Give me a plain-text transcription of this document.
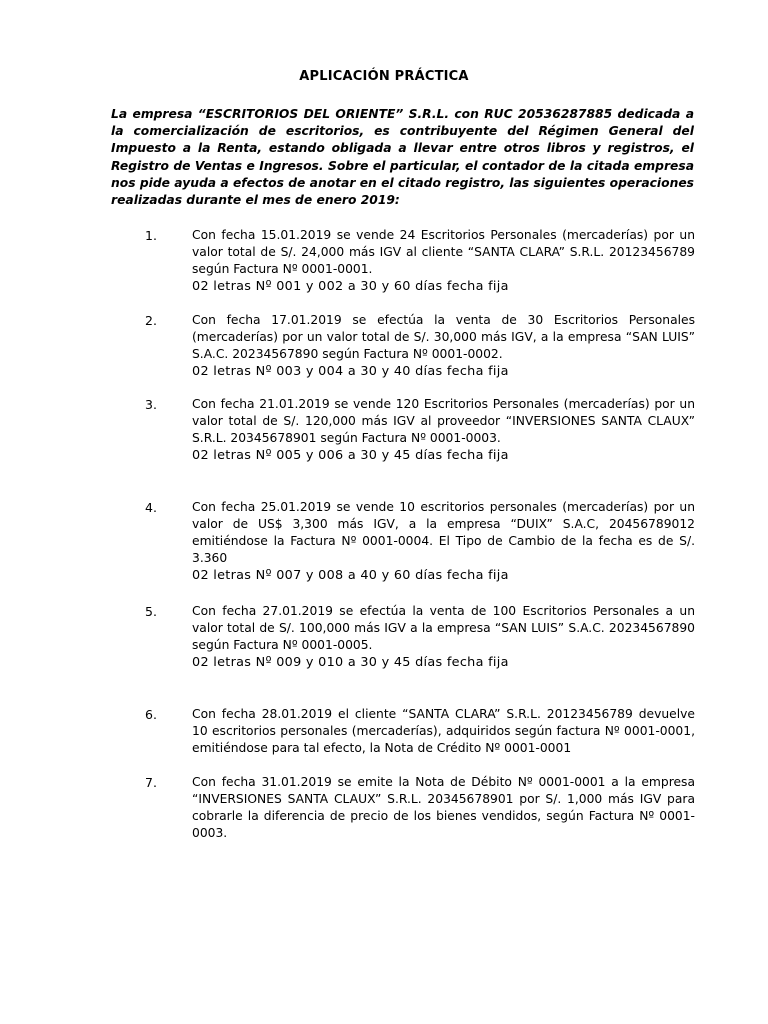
APLICACIÓN PRÁCTICA
La empresa “ESCRITORIOS DEL ORIENTE” S.R.L. con RUC 20536287885 dedicada a la comercialización de escritorios, es contribuyente del Régimen General del Impuesto a la Renta, estando obligada a llevar entre otros libros y registros, el Registro de Ventas e Ingresos. Sobre el particular, el contador de la citada empresa nos pide ayuda a efectos de anotar en el citado registro, las siguientes operaciones realizadas durante el mes de enero 2019:
1.	Con fecha 15.01.2019 se vende 24 Escritorios Personales (mercaderías) por un valor total de S/. 24,000 más IGV al cliente “SANTA CLARA” S.R.L. 20123456789 según Factura Nº 0001-0001.
02 letras Nº 001 y 002 a 30 y 60 días fecha fija
2.	Con fecha 17.01.2019 se efectúa la venta de 30 Escritorios Personales (mercaderías) por un valor total de S/. 30,000 más IGV, a la empresa “SAN LUIS” S.A.C. 20234567890 según Factura Nº 0001-0002.
02 letras Nº 003 y 004 a 30 y 40 días fecha fija
3.	Con fecha 21.01.2019 se vende 120 Escritorios Personales (mercaderías) por un valor total de S/. 120,000 más IGV al proveedor “INVERSIONES SANTA CLAUX” S.R.L. 20345678901 según Factura Nº 0001-0003.
02 letras Nº 005 y 006 a 30 y 45 días fecha fija
4.	Con fecha 25.01.2019 se vende 10 escritorios personales (mercaderías) por un valor de US$ 3,300 más IGV, a la empresa “DUIX” S.A.C, 20456789012 emitiéndose la Factura Nº 0001-0004. El Tipo de Cambio de la fecha es de S/. 3.360
02 letras Nº 007 y 008 a 40 y 60 días fecha fija
5.	Con fecha 27.01.2019 se efectúa la venta de 100 Escritorios Personales a un valor total de S/. 100,000 más IGV a la empresa “SAN LUIS” S.A.C. 20234567890 según Factura Nº 0001-0005.
02 letras Nº 009 y 010 a 30 y 45 días fecha fija
6.	Con fecha 28.01.2019 el cliente “SANTA CLARA” S.R.L. 20123456789 devuelve 10 escritorios personales (mercaderías), adquiridos según factura Nº 0001-0001, emitiéndose para tal efecto, la Nota de Crédito Nº 0001-0001
7.	Con fecha 31.01.2019 se emite la Nota de Débito Nº 0001-0001 a la empresa “INVERSIONES SANTA CLAUX” S.R.L. 20345678901 por S/. 1,000 más IGV para cobrarle la diferencia de precio de los bienes vendidos, según Factura Nº 0001-0003.
